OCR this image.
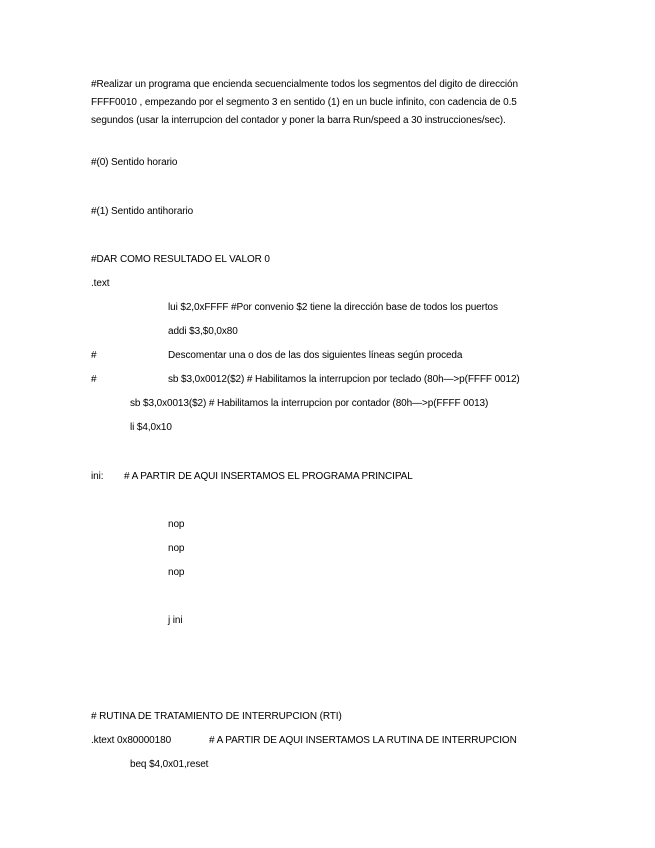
#Realizar un programa que encienda secuencialmente todos los segmentos del digito de dirección
FFFF0010 , empezando por el segmento 3 en sentido (1) en un bucle infinito, con cadencia de 0.5
segundos (usar la interrupcion del contador y poner la barra Run/speed a 30 instrucciones/sec).
#(0) Sentido horario
#(1) Sentido antihorario
#DAR COMO RESULTADO EL VALOR 0
.text
lui $2,0xFFFF #Por convenio $2 tiene la dirección base de todos los puertos
addi $3,$0,0x80
#	Descomentar una o dos de las dos siguientes líneas según proceda
#	sb $3,0x0012($2) # Habilitamos la interrupcion por teclado (80h—>p(FFFF 0012)
sb $3,0x0013($2) # Habilitamos la interrupcion por contador (80h—>p(FFFF 0013)
li $4,0x10
ini: # A PARTIR DE AQUI INSERTAMOS EL PROGRAMA PRINCIPAL
nop
nop
nop
j ini
# RUTINA DE TRATAMIENTO DE INTERRUPCION (RTI)
.ktext 0x80000180	# A PARTIR DE AQUI INSERTAMOS LA RUTINA DE INTERRUPCION
beq $4,0x01,reset
